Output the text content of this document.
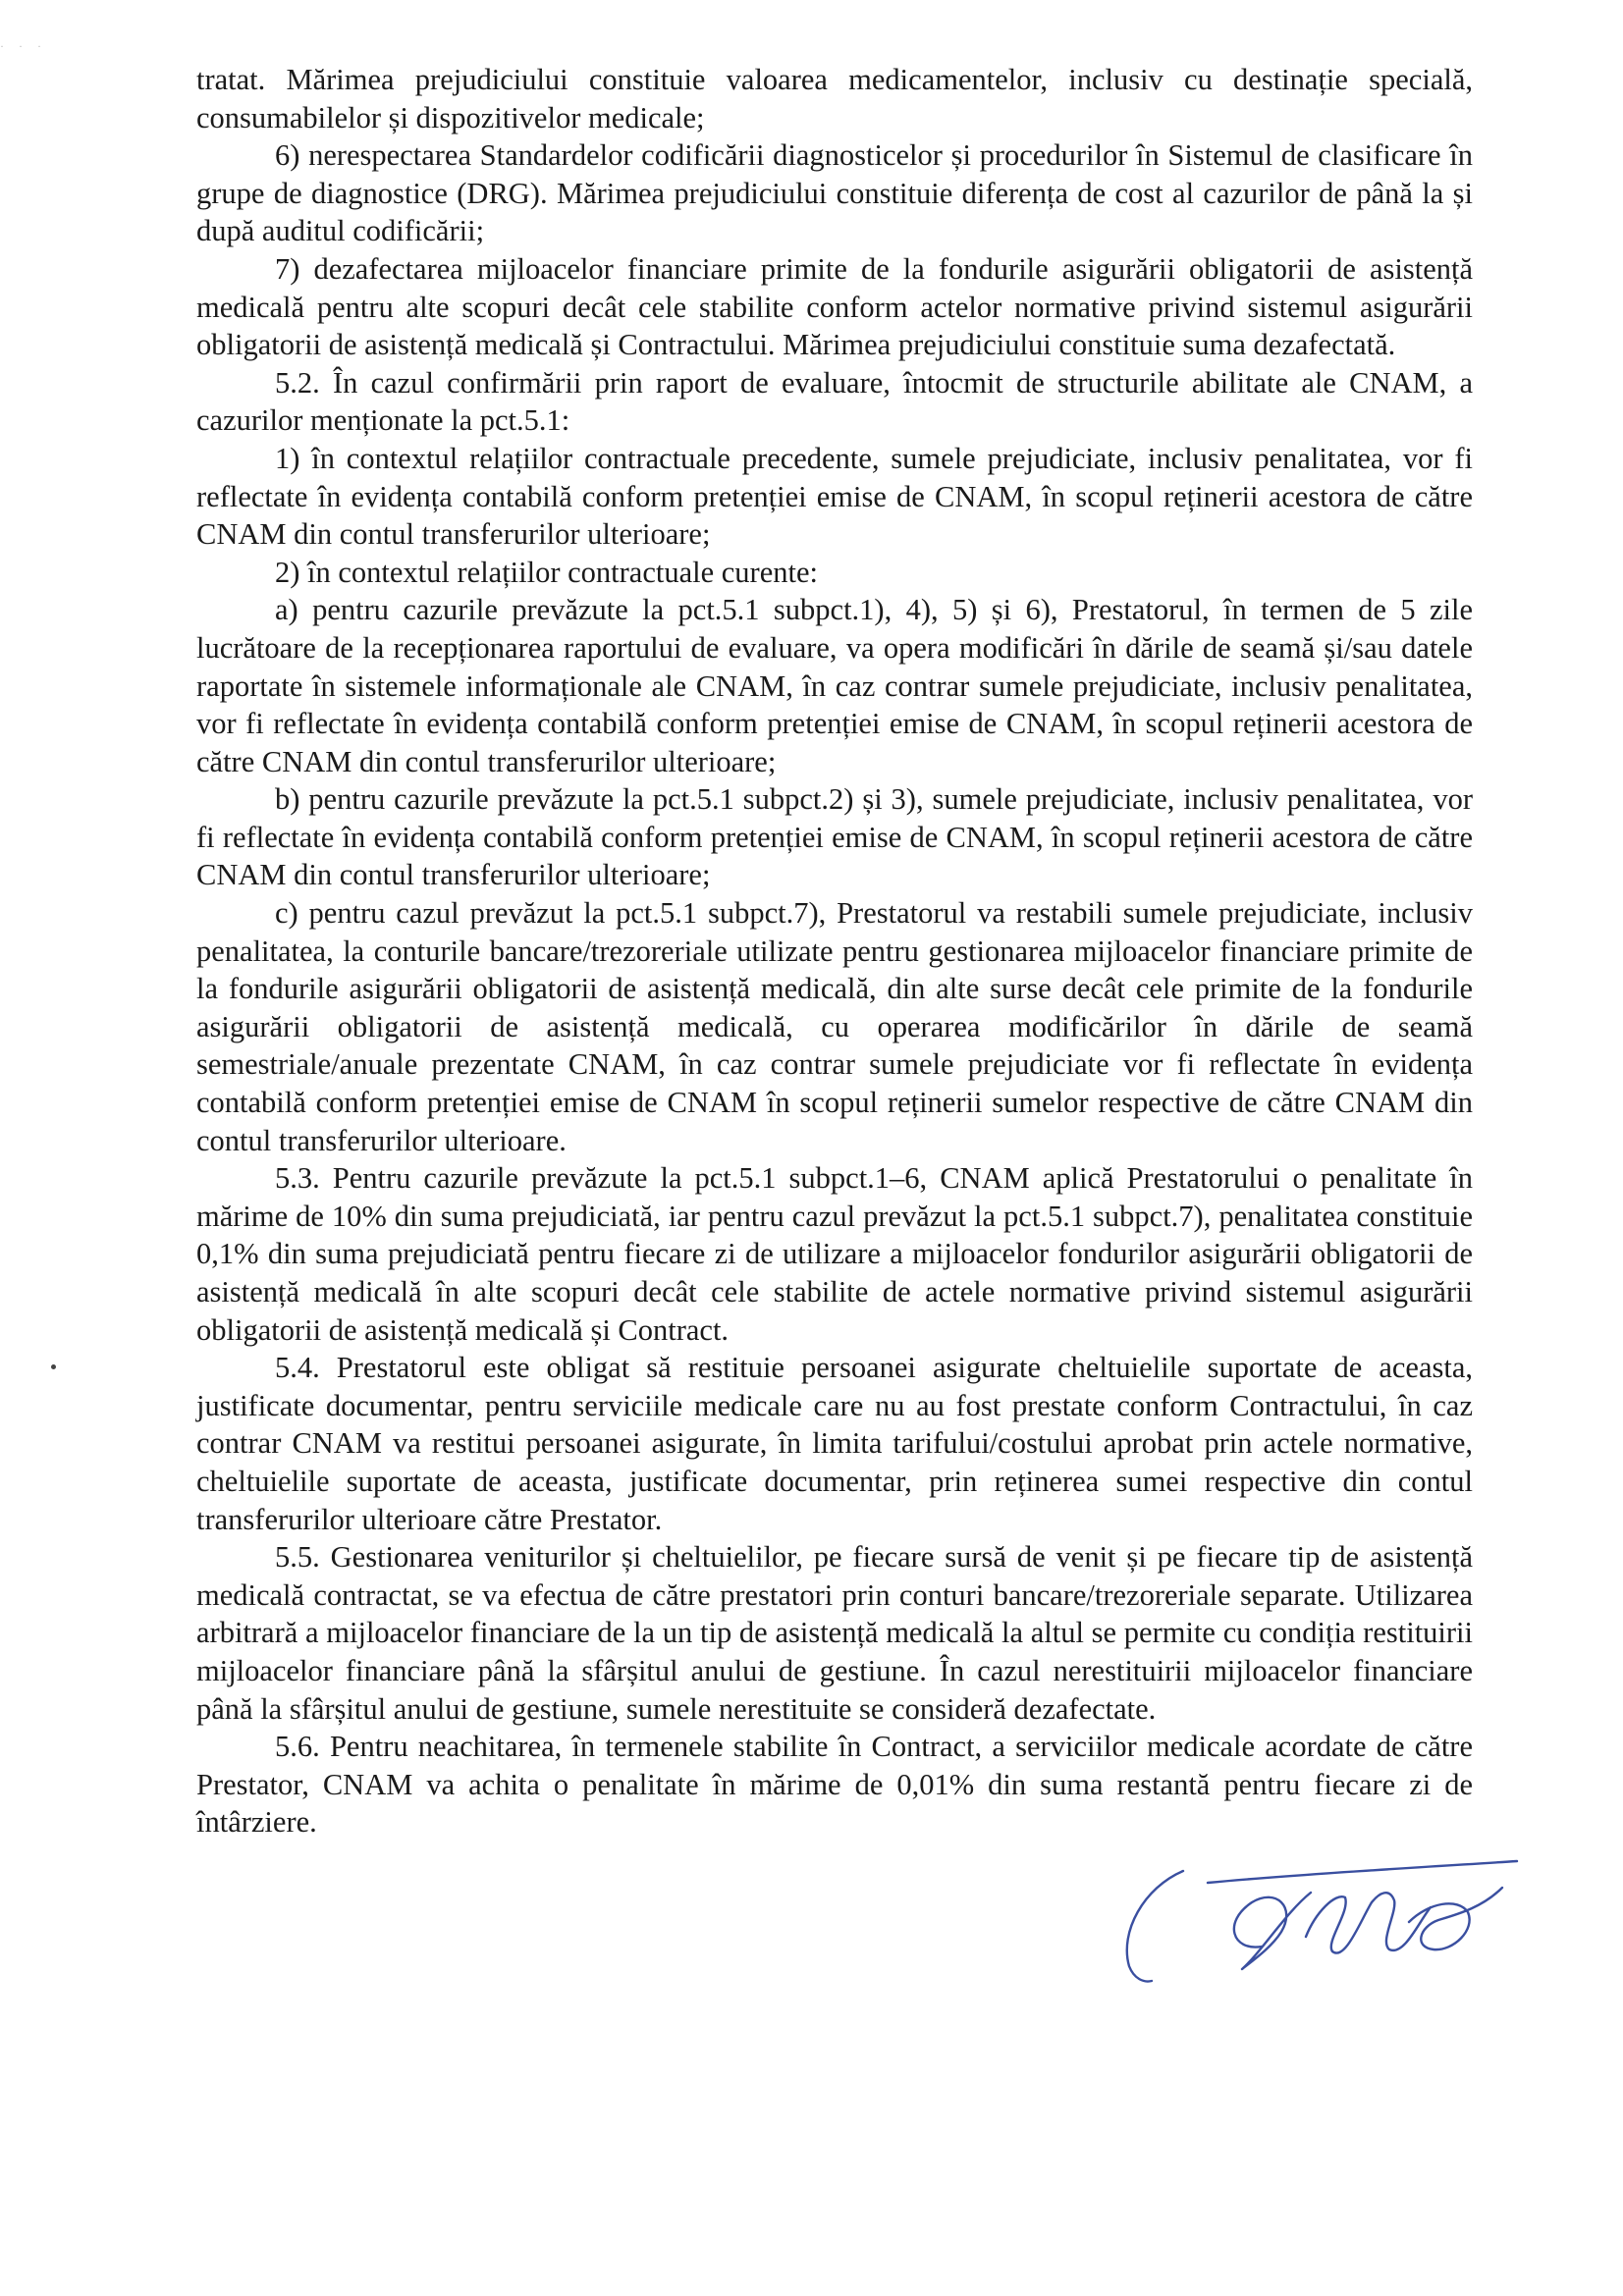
· · ·

tratat. Mărimea prejudiciului constituie valoarea medicamentelor, inclusiv cu destinație specială, consumabilelor și dispozitivelor medicale;

6) nerespectarea Standardelor codificării diagnosticelor și procedurilor în Sistemul de clasificare în grupe de diagnostice (DRG). Mărimea prejudiciului constituie diferența de cost al cazurilor de până la și după auditul codificării;

7) dezafectarea mijloacelor financiare primite de la fondurile asigurării obligatorii de asistență medicală pentru alte scopuri decât cele stabilite conform actelor normative privind sistemul asigurării obligatorii de asistență medicală și Contractului. Mărimea prejudiciului constituie suma dezafectată.

5.2. În cazul confirmării prin raport de evaluare, întocmit de structurile abilitate ale CNAM, a cazurilor menționate la pct.5.1:

1) în contextul relațiilor contractuale precedente, sumele prejudiciate, inclusiv penalitatea, vor fi reflectate în evidența contabilă conform pretenției emise de CNAM, în scopul reținerii acestora de către CNAM din contul transferurilor ulterioare;

2) în contextul relațiilor contractuale curente:

a) pentru cazurile prevăzute la pct.5.1 subpct.1), 4), 5) și 6), Prestatorul, în termen de 5 zile lucrătoare de la recepționarea raportului de evaluare, va opera modificări în dările de seamă și/sau datele raportate în sistemele informaționale ale CNAM, în caz contrar sumele prejudiciate, inclusiv penalitatea, vor fi reflectate în evidența contabilă conform pretenției emise de CNAM, în scopul reținerii acestora de către CNAM din contul transferurilor ulterioare;

b) pentru cazurile prevăzute la pct.5.1 subpct.2) și 3), sumele prejudiciate, inclusiv penalitatea, vor fi reflectate în evidența contabilă conform pretenției emise de CNAM, în scopul reținerii acestora de către CNAM din contul transferurilor ulterioare;

c) pentru cazul prevăzut la pct.5.1 subpct.7), Prestatorul va restabili sumele prejudiciate, inclusiv penalitatea, la conturile bancare/trezoreriale utilizate pentru gestionarea mijloacelor financiare primite de la fondurile asigurării obligatorii de asistență medicală, din alte surse decât cele primite de la fondurile asigurării obligatorii de asistență medicală, cu operarea modificărilor în dările de seamă semestriale/anuale prezentate CNAM, în caz contrar sumele prejudiciate vor fi reflectate în evidența contabilă conform pretenției emise de CNAM în scopul reținerii sumelor respective de către CNAM din contul transferurilor ulterioare.

5.3. Pentru cazurile prevăzute la pct.5.1 subpct.1–6, CNAM aplică Prestatorului o penalitate în mărime de 10% din suma prejudiciată, iar pentru cazul prevăzut la pct.5.1 subpct.7), penalitatea constituie 0,1% din suma prejudiciată pentru fiecare zi de utilizare a mijloacelor fondurilor asigurării obligatorii de asistență medicală în alte scopuri decât cele stabilite de actele normative privind sistemul asigurării obligatorii de asistență medicală și Contract.

5.4. Prestatorul este obligat să restituie persoanei asigurate cheltuielile suportate de aceasta, justificate documentar, pentru serviciile medicale care nu au fost prestate conform Contractului, în caz contrar CNAM va restitui persoanei asigurate, în limita tarifului/costului aprobat prin actele normative, cheltuielile suportate de aceasta, justificate documentar, prin reținerea sumei respective din contul transferurilor ulterioare către Prestator.

5.5. Gestionarea veniturilor și cheltuielilor, pe fiecare sursă de venit și pe fiecare tip de asistență medicală contractat, se va efectua de către prestatori prin conturi bancare/trezoreriale separate. Utilizarea arbitrară a mijloacelor financiare de la un tip de asistență medicală la altul se permite cu condiția restituirii mijloacelor financiare până la sfârșitul anului de gestiune. În cazul nerestituirii mijloacelor financiare până la sfârșitul anului de gestiune, sumele nerestituite se consideră dezafectate.

5.6. Pentru neachitarea, în termenele stabilite în Contract, a serviciilor medicale acordate de către Prestator, CNAM va achita o penalitate în mărime de 0,01% din suma restantă pentru fiecare zi de întârziere.
